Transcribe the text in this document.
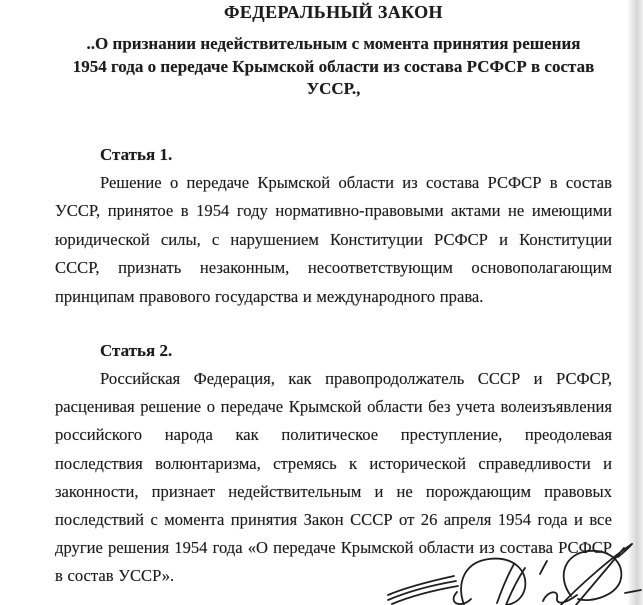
ФЕДЕРАЛЬНЫЙ ЗАКОН
..О признании недействительным с момента принятия решения
1954 года о передаче Крымской области из состава РСФСР в состав
УССР.,
Статья 1.
Решение о передаче Крымской области из состава РСФСР в состав
УССР, принятое в 1954 году нормативно-правовыми актами не имеющими
юридической силы, с нарушением Конституции РСФСР и Конституции
СССР, признать незаконным, несоответствующим основополагающим
принципам правового государства и международного права.
Статья 2.
Российская Федерация, как правопродолжатель СССР и РСФСР,
расценивая решение о передаче Крымской области без учета волеизъявления
российского народа как политическое преступление, преодолевая
последствия волюнтаризма, стремясь к исторической справедливости и
законности, признает недействительным и не порождающим правовых
последствий с момента принятия Закон СССР от 26 апреля 1954 года и все
другие решения 1954 года «О передаче Крымской области из состава РСФСР
в состав УССР».
